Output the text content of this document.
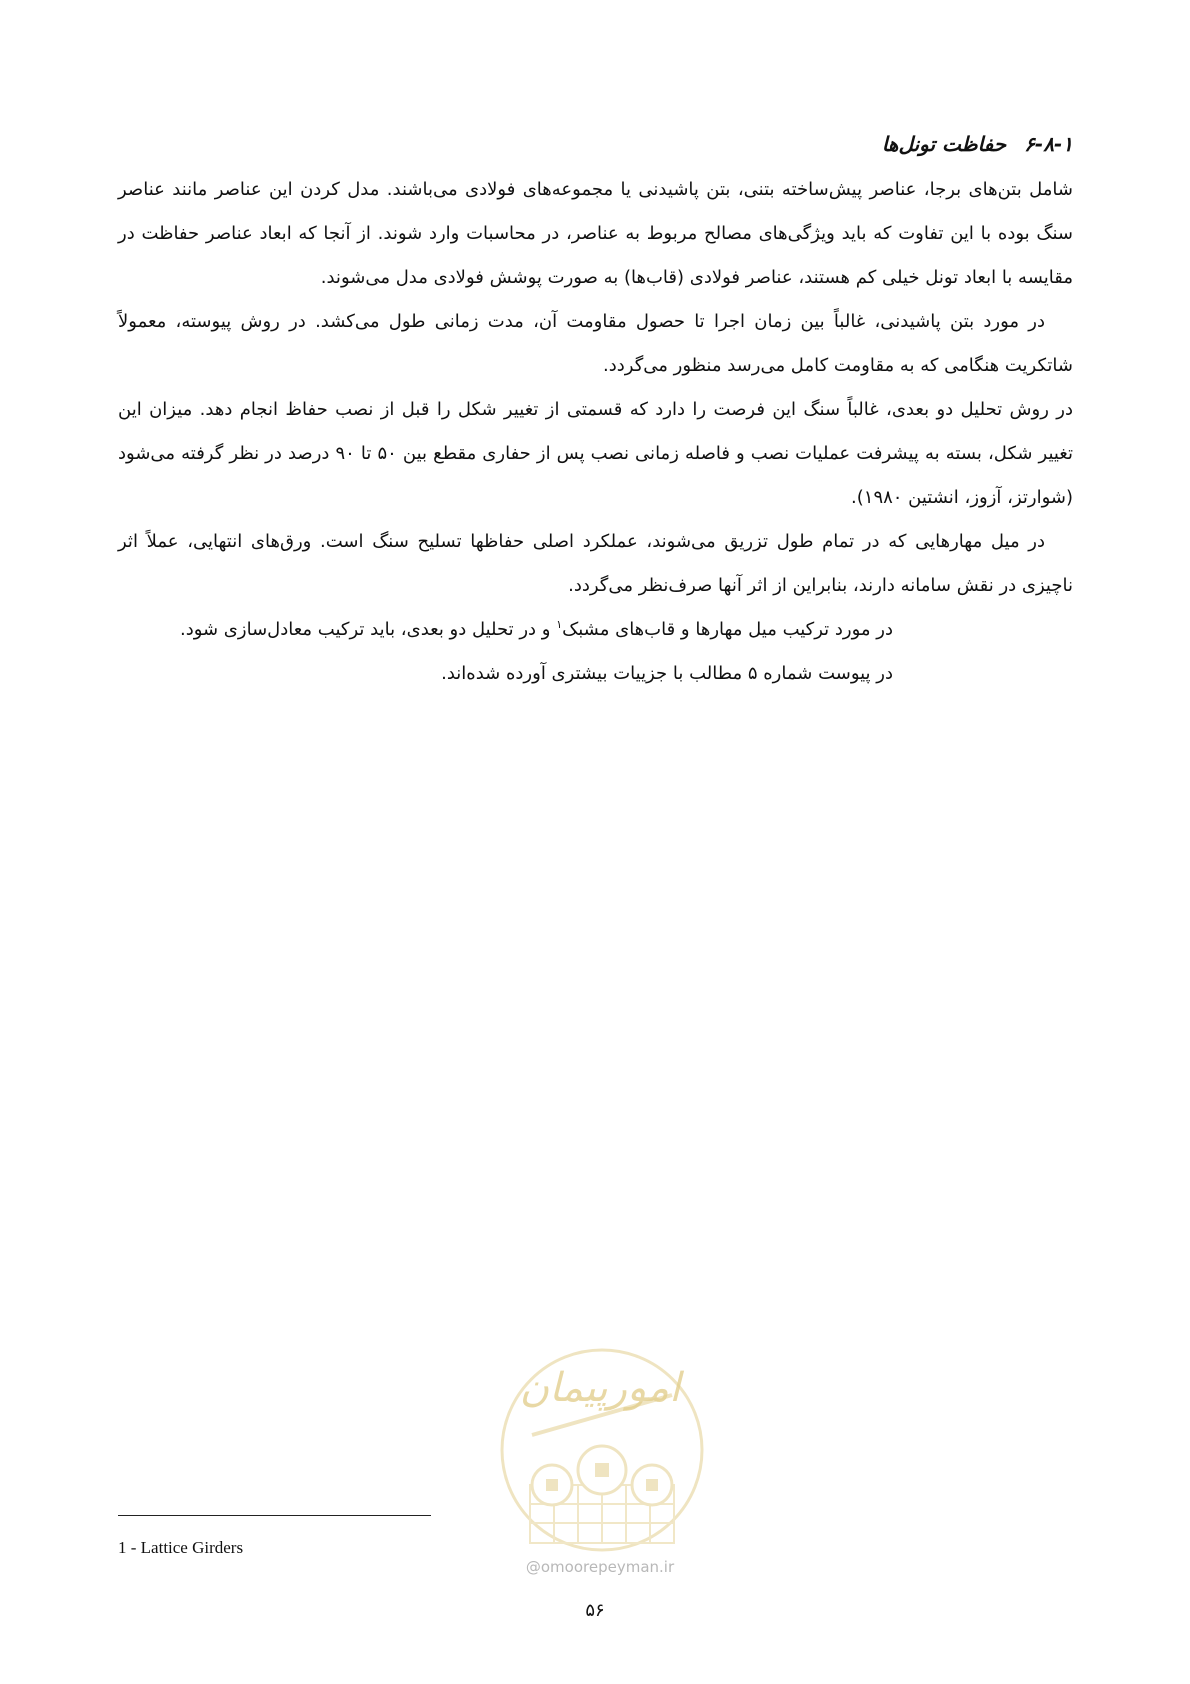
۶-۸-۱
حفاظت تونل‌ها

شامل بتن‌های برجا، عناصر پیش‌ساخته بتنی، بتن پاشیدنی یا مجموعه‌های فولادی می‌باشند. مدل کردن این عناصر مانند عناصر سنگ بوده با این تفاوت که باید ویژگی‌های مصالح مربوط به عناصر، در محاسبات وارد شوند. از آنجا که ابعاد عناصر حفاظت در مقایسه با ابعاد تونل خیلی کم هستند، عناصر فولادی (قاب‌ها) به صورت پوشش فولادی مدل می‌شوند.

در مورد بتن پاشیدنی، غالباً بین زمان اجرا تا حصول مقاومت آن، مدت زمانی طول می‌کشد. در روش پیوسته، معمولاً شاتکریت هنگامی که به مقاومت کامل می‌رسد منظور می‌گردد.

در روش تحلیل دو بعدی، غالباً سنگ این فرصت را دارد که قسمتی از تغییر شکل را قبل از نصب حفاظ انجام دهد. میزان این تغییر شکل، بسته به پیشرفت عملیات نصب و فاصله زمانی نصب پس از حفاری مقطع بین ۵۰ تا ۹۰ درصد در نظر گرفته می‌شود (شوارتز، آزوز، انشتین ۱۹۸۰).

در میل مهارهایی که در تمام طول تزریق می‌شوند، عملکرد اصلی حفاظها تسلیح سنگ است. ورق‌های انتهایی، عملاً اثر ناچیزی در نقش سامانه دارند، بنابراین از اثر آنها صرف‌نظر می‌گردد.

در مورد ترکیب میل مهارها و قاب‌های مشبک$^۱$ و در تحلیل دو بعدی، باید ترکیب معادل‌سازی شود.

در پیوست شماره ۵ مطالب با جزییات بیشتری آورده شده‌اند.

امورپیمان
@omoorepeyman.ir
1 - Lattice Girders
۵۶
